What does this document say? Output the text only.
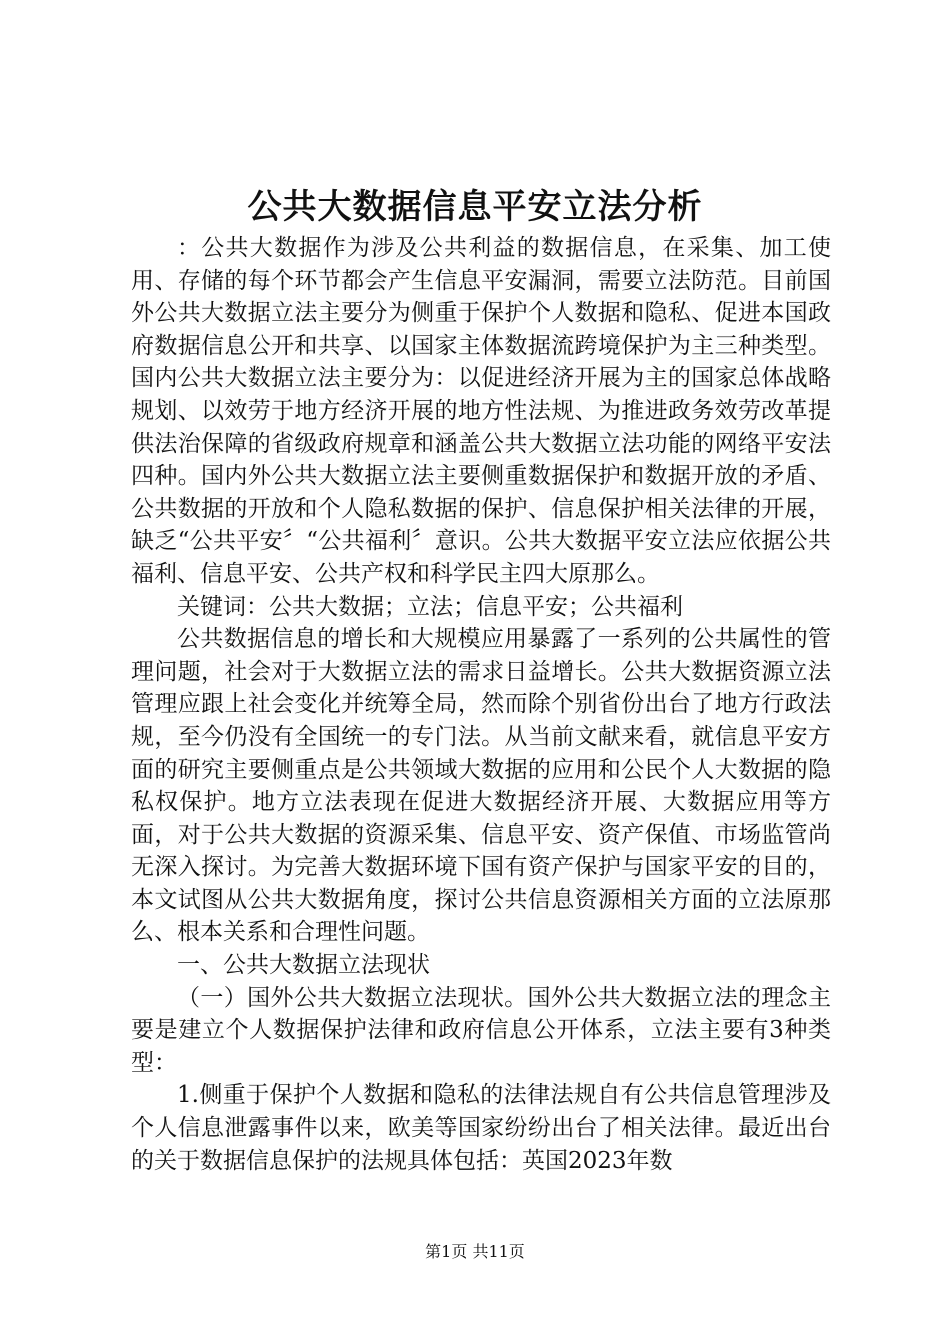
公共大数据信息平安立法分析

：公共大数据作为涉及公共利益的数据信息，在采集、加工使用、存储的每个环节都会产生信息平安漏洞，需要立法防范。目前国外公共大数据立法主要分为侧重于保护个人数据和隐私、促进本国政府数据信息公开和共享、以国家主体数据流跨境保护为主三种类型。国内公共大数据立法主要分为：以促进经济开展为主的国家总体战略规划、以效劳于地方经济开展的地方性法规、为推进政务效劳改革提供法治保障的省级政府规章和涵盖公共大数据立法功能的网络平安法四种。国内外公共大数据立法主要侧重数据保护和数据开放的矛盾、公共数据的开放和个人隐私数据的保护、信息保护相关法律的开展，缺乏“公共平安〞“公共福利〞意识。公共大数据平安立法应依据公共福利、信息平安、公共产权和科学民主四大原那么。

关键词：公共大数据；立法；信息平安；公共福利

公共数据信息的增长和大规模应用暴露了一系列的公共属性的管理问题，社会对于大数据立法的需求日益增长。公共大数据资源立法管理应跟上社会变化并统筹全局，然而除个别省份出台了地方行政法规，至今仍没有全国统一的专门法。从当前文献来看，就信息平安方面的研究主要侧重点是公共领域大数据的应用和公民个人大数据的隐私权保护。地方立法表现在促进大数据经济开展、大数据应用等方面，对于公共大数据的资源采集、信息平安、资产保值、市场监管尚无深入探讨。为完善大数据环境下国有资产保护与国家平安的目的，本文试图从公共大数据角度，探讨公共信息资源相关方面的立法原那么、根本关系和合理性问题。

一、公共大数据立法现状

（一）国外公共大数据立法现状。国外公共大数据立法的理念主要是建立个人数据保护法律和政府信息公开体系，立法主要有3种类型：

1.侧重于保护个人数据和隐私的法律法规自有公共信息管理涉及个人信息泄露事件以来，欧美等国家纷纷出台了相关法律。最近出台的关于数据信息保护的法规具体包括：英国2023年数

第1页 共11页
